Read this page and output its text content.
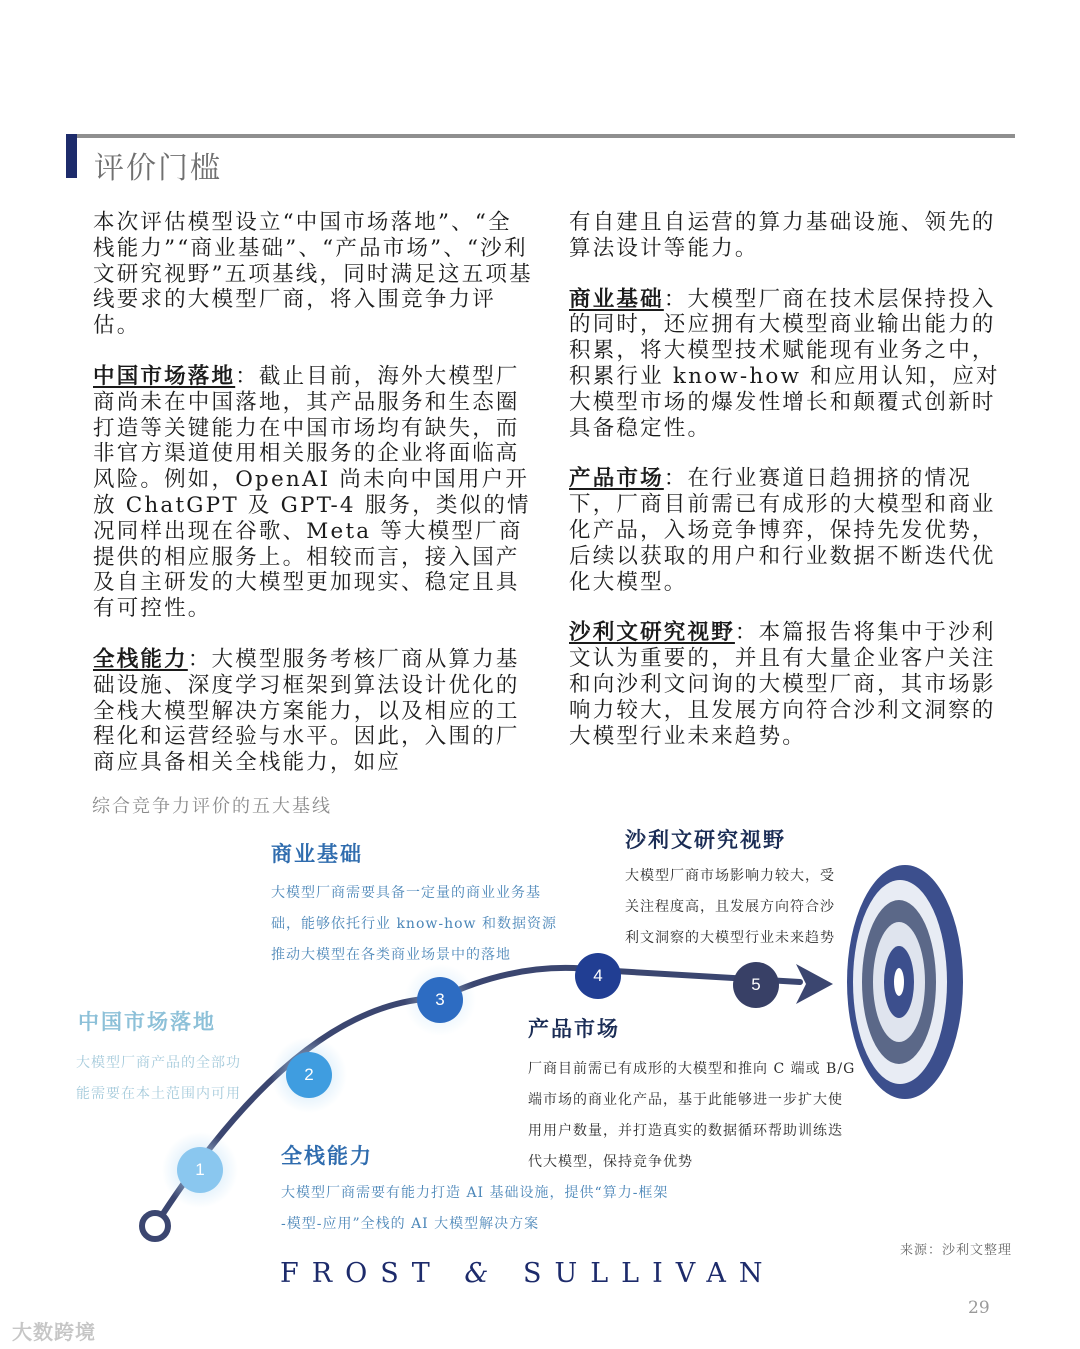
评价门槛

本次评估模型设立“中国市场落地”、“全栈能力”“商业基础”、“产品市场”、“沙利文研究视野”五项基线，同时满足这五项基线要求的大模型厂商，将入围竞争力评估。

中国市场落地：截止目前，海外大模型厂商尚未在中国落地，其产品服务和生态圈打造等关键能力在中国市场均有缺失，而非官方渠道使用相关服务的企业将面临高风险。例如，OpenAI 尚未向中国用户开放 ChatGPT 及 GPT-4 服务，类似的情况同样出现在谷歌、Meta 等大模型厂商提供的相应服务上。相较而言，接入国产及自主研发的大模型更加现实、稳定且具有可控性。

全栈能力：大模型服务考核厂商从算力基础设施、深度学习框架到算法设计优化的全栈大模型解决方案能力，以及相应的工程化和运营经验与水平。因此，入围的厂商应具备相关全栈能力，如应

有自建且自运营的算力基础设施、领先的算法设计等能力。

商业基础：大模型厂商在技术层保持投入的同时，还应拥有大模型商业输出能力的积累，将大模型技术赋能现有业务之中，积累行业 know-how 和应用认知，应对大模型市场的爆发性增长和颠覆式创新时具备稳定性。

产品市场：在行业赛道日趋拥挤的情况下，厂商目前需已有成形的大模型和商业化产品，入场竞争博弈，保持先发优势，后续以获取的用户和行业数据不断迭代优化大模型。

沙利文研究视野：本篇报告将集中于沙利文认为重要的，并且有大量企业客户关注和向沙利文问询的大模型厂商，其市场影响力较大，且发展方向符合沙利文洞察的大模型行业未来趋势。

综合竞争力评价的五大基线
1
2
3
4	5
中国市场落地
大模型厂商产品的全部功
能需要在本土范围内可用
全栈能力
大模型厂商需要有能力打造 AI 基础设施，提供“算力-框架
-模型-应用”全栈的 AI 大模型解决方案
商业基础
大模型厂商需要具备一定量的商业业务基
础，能够依托行业 know-how 和数据资源
推动大模型在各类商业场景中的落地
产品市场
厂商目前需已有成形的大模型和推向 C 端或 B/G
端市场的商业化产品，基于此能够进一步扩大使
用用户数量，并打造真实的数据循环帮助训练迭
代大模型，保持竞争优势
沙利文研究视野
大模型厂商市场影响力较大，受
关注程度高，且发展方向符合沙
利文洞察的大模型行业未来趋势
来源：沙利文整理
FROST & SULLIVAN
29
大数跨境
